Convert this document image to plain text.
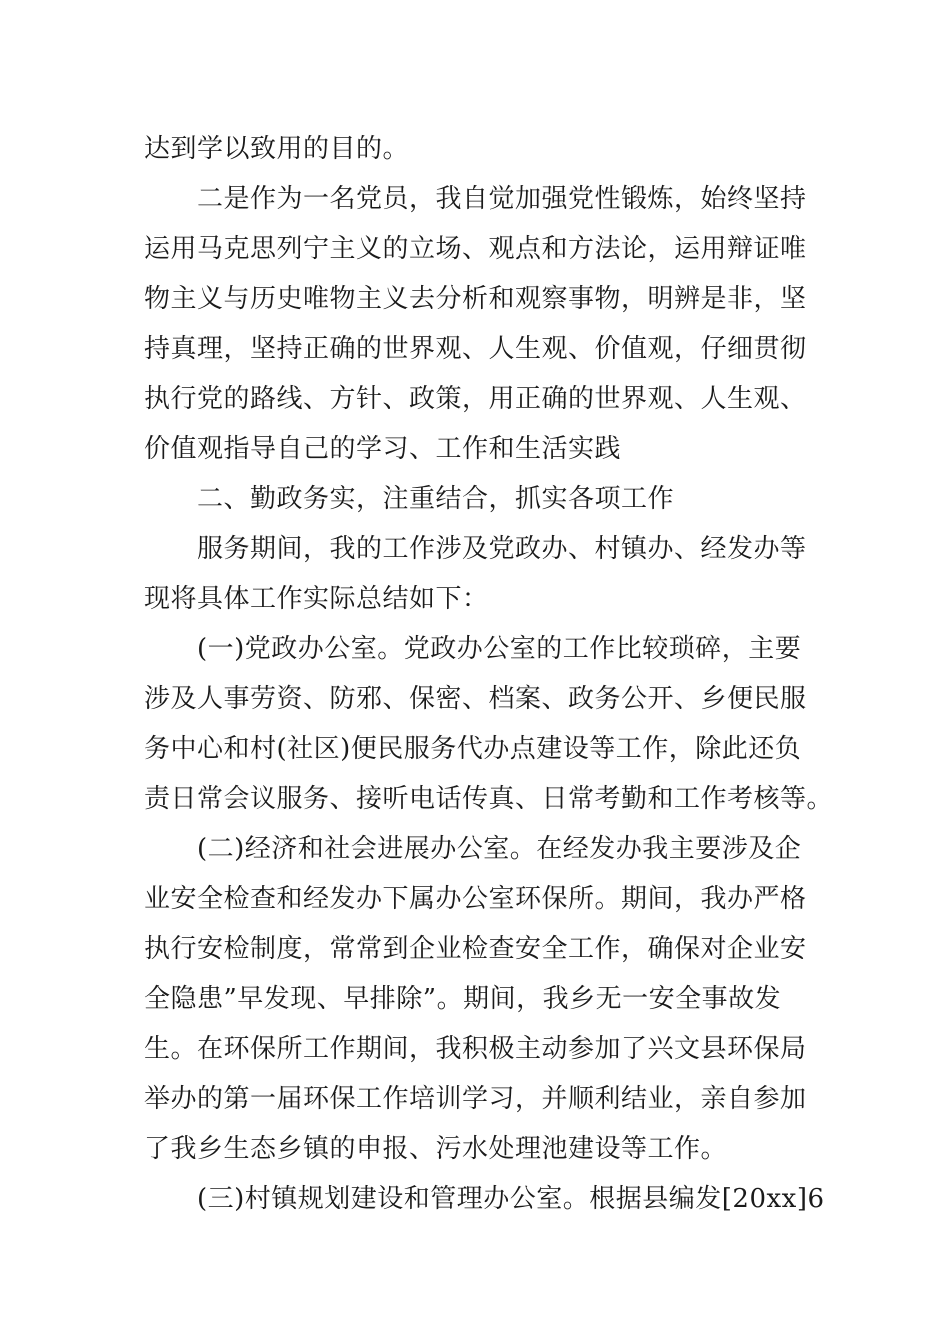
达到学以致用的目的。
二是作为一名党员，我自觉加强党性锻炼，始终坚持
运用马克思列宁主义的立场、观点和方法论，运用辩证唯
物主义与历史唯物主义去分析和观察事物，明辨是非，坚
持真理，坚持正确的世界观、人生观、价值观，仔细贯彻
执行党的路线、方针、政策，用正确的世界观、人生观、
价值观指导自己的学习、工作和生活实践
二、勤政务实，注重结合，抓实各项工作
服务期间，我的工作涉及党政办、村镇办、经发办等
现将具体工作实际总结如下：
(一)党政办公室。党政办公室的工作比较琐碎，主要
涉及人事劳资、防邪、保密、档案、政务公开、乡便民服
务中心和村(社区)便民服务代办点建设等工作，除此还负
责日常会议服务、接听电话传真、日常考勤和工作考核等。
(二)经济和社会进展办公室。在经发办我主要涉及企
业安全检查和经发办下属办公室环保所。期间，我办严格
执行安检制度，常常到企业检查安全工作，确保对企业安
全隐患”早发现、早排除”。期间，我乡无一安全事故发
生。在环保所工作期间，我积极主动参加了兴文县环保局
举办的第一届环保工作培训学习，并顺利结业，亲自参加
了我乡生态乡镇的申报、污水处理池建设等工作。
(三)村镇规划建设和管理办公室。根据县编发[20xx]6
